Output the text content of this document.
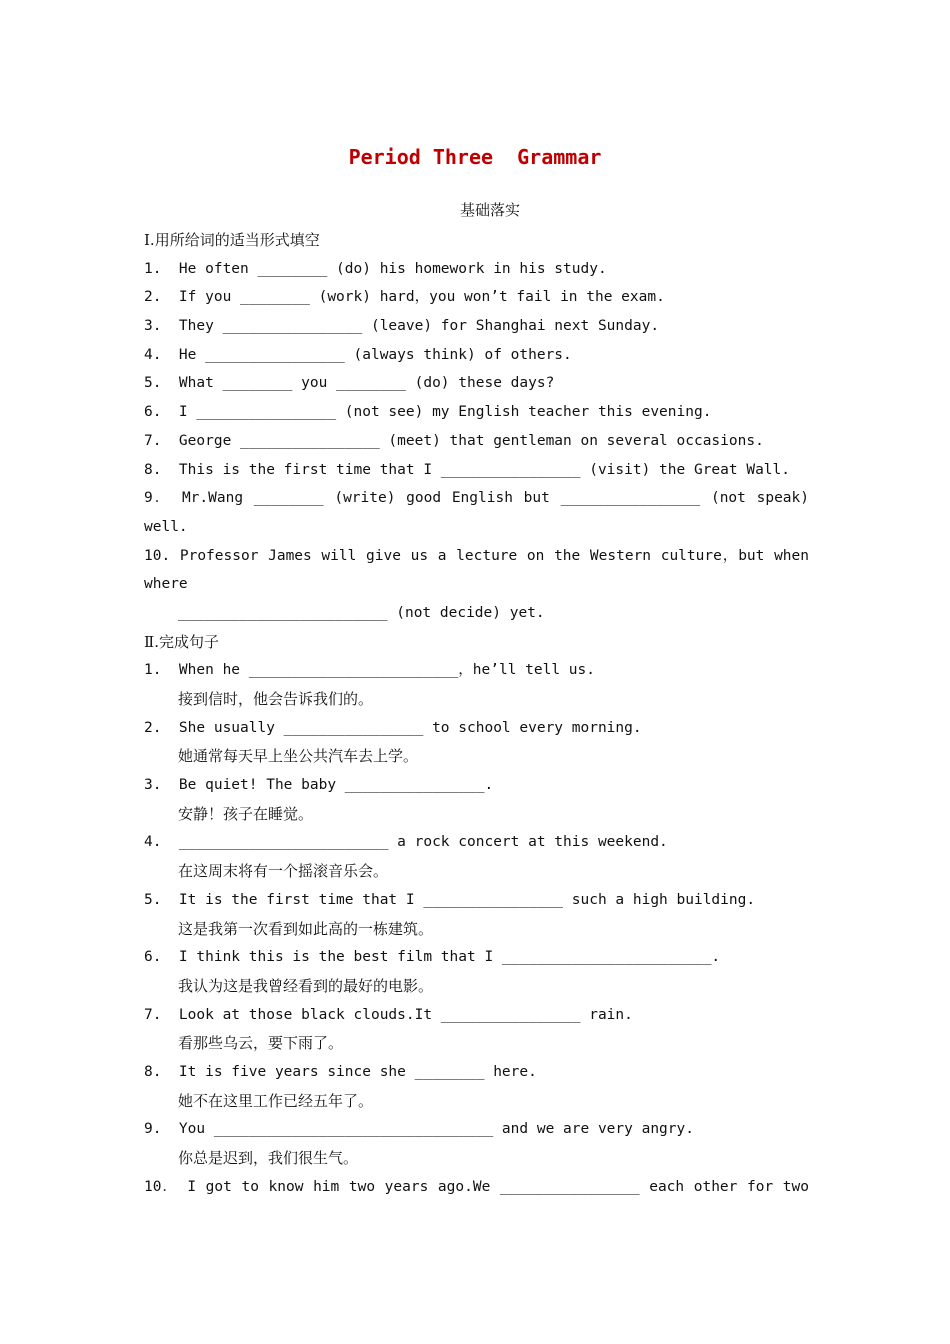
Period Three  Grammar
基础落实
Ⅰ.用所给词的适当形式填空
1.  He often ________ (do) his homework in his study.
2.  If you ________ (work) hard，you won’t fail in the exam.
3.  They ________________ (leave) for Shanghai next Sunday.
4.  He ________________ (always think) of others.
5.  What ________ you ________ (do) these days?
6.  I ________________ (not see) my English teacher this evening.
7.  George ________________ (meet) that gentleman on several occasions.
8.  This is the first time that I ________________ (visit) the Great Wall.
9． Mr.Wang ________ (write) good English but ________________ (not speak)
well.
10. Professor James will give us a lecture on the Western culture，but when
where
________________________ (not decide) yet.
Ⅱ.完成句子
1.  When he ________________________，he’ll tell us.
接到信时，他会告诉我们的。
2.  She usually ________________ to school every morning.
她通常每天早上坐公共汽车去上学。
3.  Be quiet! The baby ________________.
安静！孩子在睡觉。
4.  ________________________ a rock concert at this weekend.
在这周末将有一个摇滚音乐会。
5.  It is the first time that I ________________ such a high building.
这是我第一次看到如此高的一栋建筑。
6.  I think this is the best film that I ________________________.
我认为这是我曾经看到的最好的电影。
7.  Look at those black clouds.It ________________ rain.
看那些乌云，要下雨了。
8.  It is five years since she ________ here.
她不在这里工作已经五年了。
9.  You ________________________________ and we are very angry.
你总是迟到，我们很生气。
10． I got to know him two years ago.We ________________ each other for two
